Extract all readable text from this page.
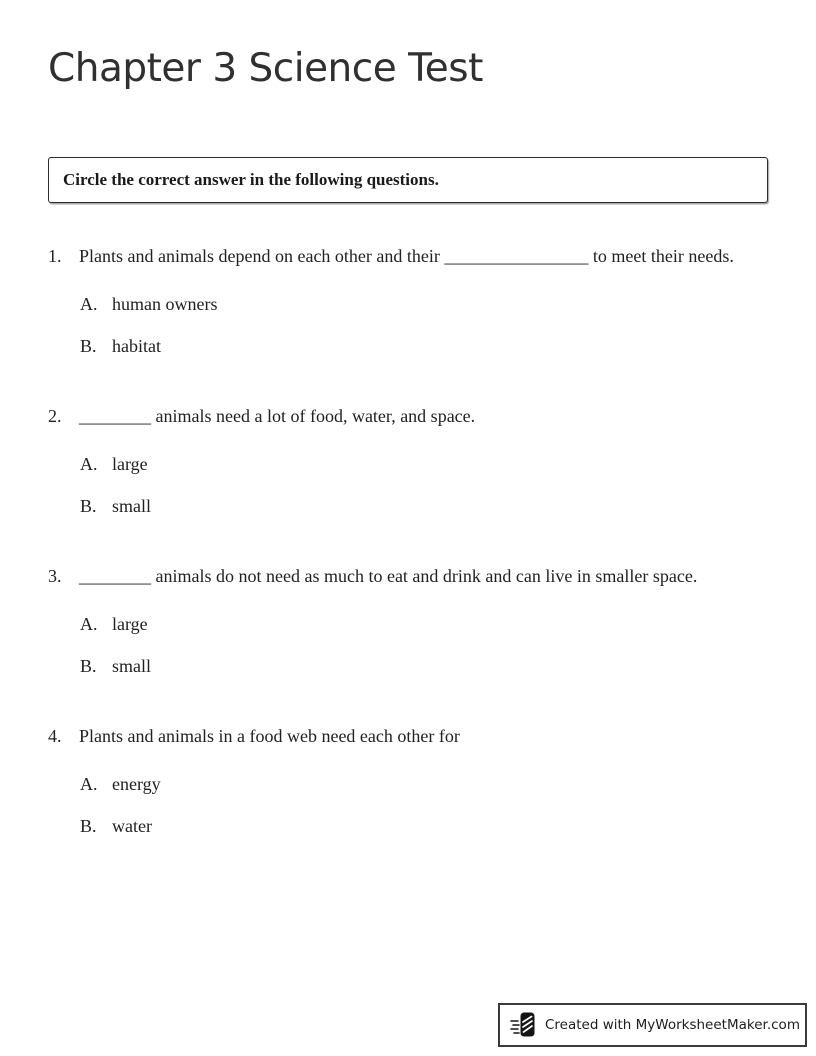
Chapter 3 Science Test
Circle the correct answer in the following questions.
1. Plants and animals depend on each other and their ________________ to meet their needs.
A. human owners
B. habitat
2. ________ animals need a lot of food, water, and space.
A. large
B. small
3. ________ animals do not need as much to eat and drink and can live in smaller space.
A. large
B. small
4. Plants and animals in a food web need each other for
A. energy
B. water
Created with MyWorksheetMaker.com
